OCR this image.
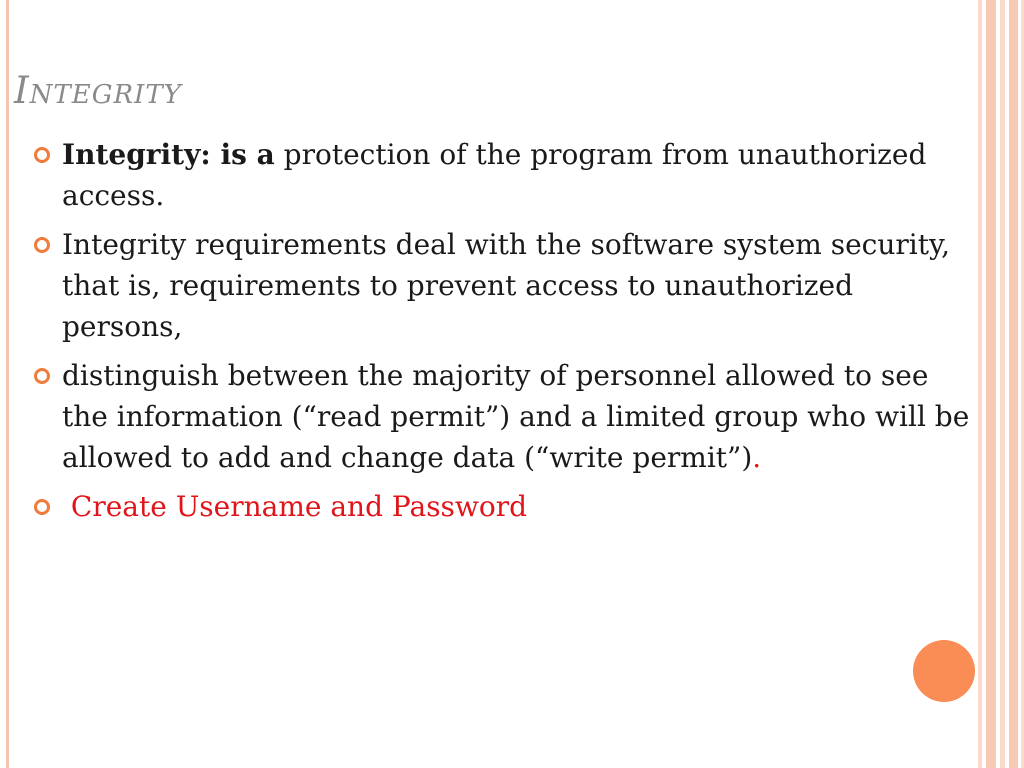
INTEGRITY
Integrity: is a protection of the program from unauthorized access.
Integrity requirements deal with the software system security, that is, requirements to prevent access to unauthorized persons,
distinguish between the majority of personnel allowed to see the information (“read permit”) and a limited group who will be allowed to add and change data (“write permit”).
Create Username and Password
